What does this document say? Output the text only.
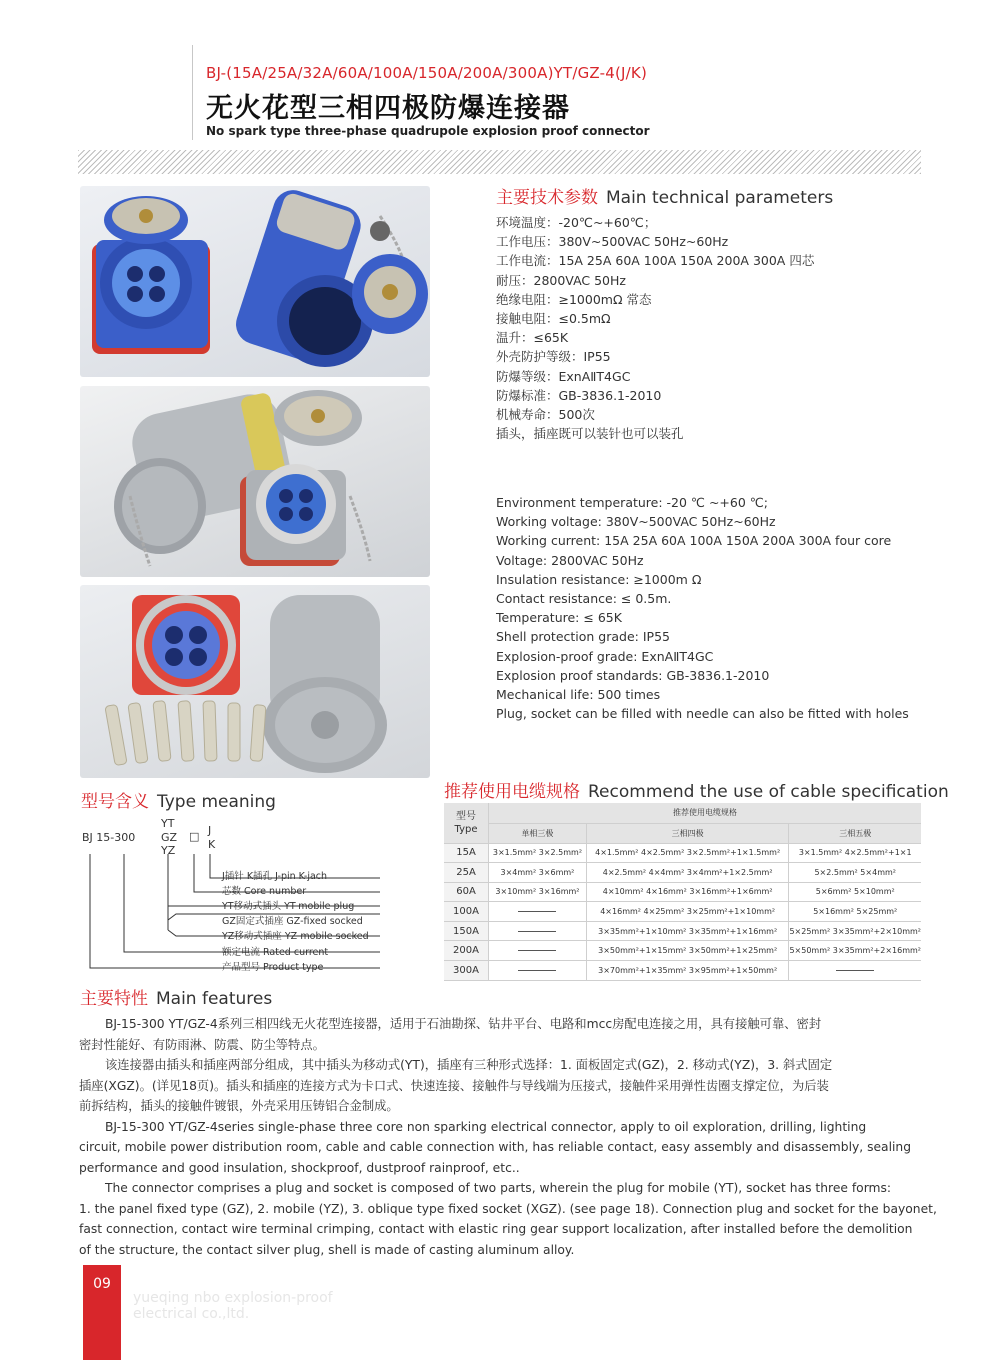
BJ-(15A/25A/32A/60A/100A/150A/200A/300A)YT/GZ-4(J/K)
无火花型三相四极防爆连接器
No spark type three-phase quadrupole explosion proof connector
主要技术参数 Main technical parameters
环境温度：-20℃~+60℃；
工作电压：380V~500VAC 50Hz~60Hz
工作电流：15A 25A 60A 100A 150A 200A 300A 四芯
耐压：2800VAC 50Hz
绝缘电阻：≥1000mΩ 常态
接触电阻：≤0.5mΩ
温升：≤65K
外壳防护等级：IP55
防爆等级：ExnAⅡT4GC
防爆标准：GB-3836.1-2010
机械寿命：500次
插头，插座既可以装针也可以装孔
Environment temperature: -20 ℃ ~+60 ℃;
Working voltage: 380V~500VAC 50Hz~60Hz
Working current: 15A 25A 60A 100A 150A 200A 300A four core
Voltage: 2800VAC 50Hz
Insulation resistance: ≥1000m Ω
Contact resistance: ≤ 0.5m.
Temperature: ≤ 65K
Shell protection grade: IP55
Explosion-proof grade: ExnAⅡT4GC
Explosion proof standards: GB-3836.1-2010
Mechanical life: 500 times
Plug, socket can be filled with needle can also be fitted with holes
型号含义 Type meaning
BJ 15-300
YT
GZ
YZ
□ J
K
J插针 K插孔 J-pin K-jach
芯数 Core number
YT移动式插头 YT-mobile plug
GZ固定式插座 GZ-fixed socked
YZ移动式插座 YZ-mobile socked
额定电流 Rated current
产品型号 Product type
推荐使用电缆规格 Recommend the use of cable specification
型号
Type	推荐使用电缆规格		
	单相三极	三相四极	三相五极
15A	3×1.5mm² 3×2.5mm²	4×1.5mm² 4×2.5mm² 3×2.5mm²+1×1.5mm²	3×1.5mm² 4×2.5mm²+1×1
25A	3×4mm² 3×6mm²	4×2.5mm² 4×4mm² 3×4mm²+1×2.5mm²	5×2.5mm² 5×4mm²
60A	3×10mm² 3×16mm²	4×10mm² 4×16mm² 3×16mm²+1×6mm²	5×6mm² 5×10mm²
100A		4×16mm² 4×25mm² 3×25mm²+1×10mm²	5×16mm² 5×25mm²
150A		3×35mm²+1×10mm² 3×35mm²+1×16mm²	5×25mm² 3×35mm²+2×10mm²
200A		3×50mm²+1×15mm² 3×50mm²+1×25mm²	5×50mm² 3×35mm²+2×16mm²
300A		3×70mm²+1×35mm² 3×95mm²+1×50mm²	
主要特性 Main features
BJ-15-300 YT/GZ-4系列三相四线无火花型连接器，适用于石油勘探、钻井平台、电路和mcc房配电连接之用，具有接触可靠、密封
密封性能好、有防雨淋、防震、防尘等特点。
该连接器由插头和插座两部分组成，其中插头为移动式(YT)，插座有三种形式选择：1. 面板固定式(GZ)，2. 移动式(YZ)，3. 斜式固定
插座(XGZ)。(详见18页)。插头和插座的连接方式为卡口式、快速连接、接触件与导线端为压接式，接触件采用弹性齿圈支撑定位，为后装
前拆结构，插头的接触件镀银，外壳采用压铸铝合金制成。
BJ-15-300 YT/GZ-4series single-phase three core non sparking electrical connector, apply to oil exploration, drilling, lighting
circuit, mobile power distribution room, cable and cable connection with, has reliable contact, easy assembly and disassembly, sealing
performance and good insulation, shockproof, dustproof rainproof, etc..
The connector comprises a plug and socket is composed of two parts, wherein the plug for mobile (YT), socket has three forms:
1. the panel fixed type (GZ), 2. mobile (YZ), 3. oblique type fixed socket (XGZ). (see page 18). Connection plug and socket for the bayonet,
fast connection, contact wire terminal crimping, contact with elastic ring gear support localization, after installed before the demolition
of the structure, the contact silver plug, shell is made of casting aluminum alloy.
09
yueqing nbo explosion-proof
electrical co.,ltd.
